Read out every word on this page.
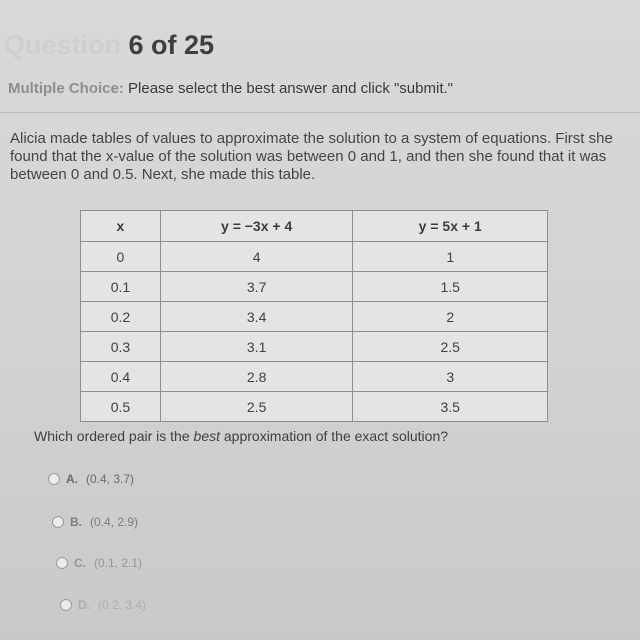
Question 6 of 25
Multiple Choice: Please select the best answer and click "submit."
Alicia made tables of values to approximate the solution to a system of equations. First she found that the x-value of the solution was between 0 and 1, and then she found that it was between 0 and 0.5. Next, she made this table.
x	y = −3x + 4	y = 5x + 1
0	4	1
0.1	3.7	1.5
0.2	3.4	2
0.3	3.1	2.5
0.4	2.8	3
0.5	2.5	3.5
Which ordered pair is the best approximation of the exact solution?
A. (0.4, 3.7)
B. (0.4, 2.9)
C. (0.1, 2.1)
D. (0.2, 3.4)
